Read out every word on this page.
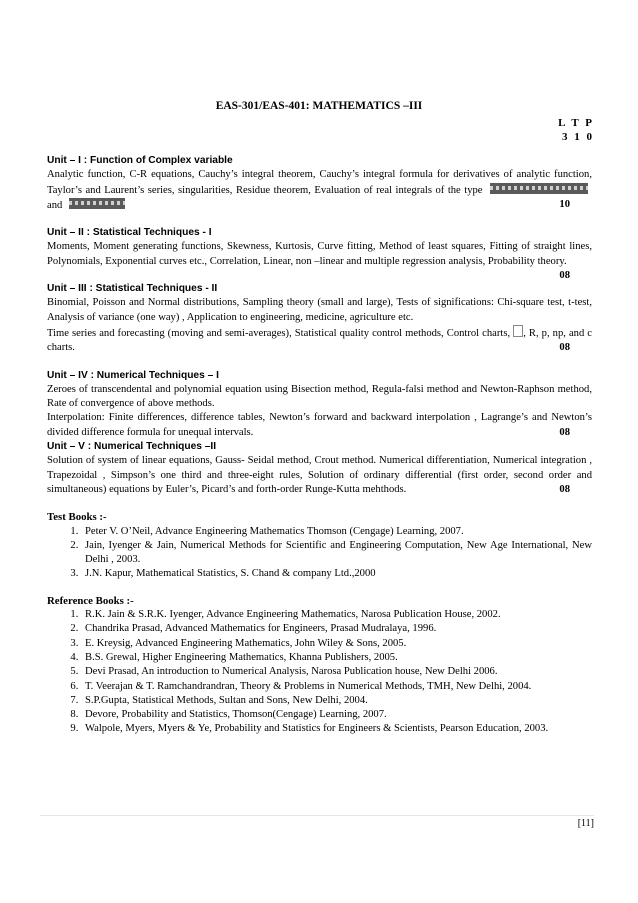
EAS-301/EAS-401: MATHEMATICS –III
L T P
3 1 0
Unit – I : Function of Complex variable
Analytic function, C-R equations, Cauchy’s integral theorem, Cauchy’s integral formula for derivatives of analytic function, Taylor’s and Laurent’s series, singularities, Residue theorem, Evaluation of real integrals of the type  and	10
Unit – II : Statistical Techniques - I
Moments, Moment generating functions, Skewness, Kurtosis, Curve fitting, Method of least squares, Fitting of straight lines, Polynomials, Exponential curves etc., Correlation, Linear, non –linear and multiple regression analysis, Probability theory.
08
Unit – III : Statistical Techniques - II
Binomial, Poisson and Normal distributions, Sampling theory (small and large), Tests of significations: Chi-square test, t-test, Analysis of variance (one way) , Application to engineering, medicine, agriculture etc.
Time series and forecasting (moving and semi-averages), Statistical quality control methods, Control charts, , R, p, np, and c charts.	08
Unit – IV : Numerical Techniques – I
Zeroes of transcendental and polynomial equation using Bisection method, Regula-falsi method and Newton-Raphson method, Rate of convergence of above methods.
Interpolation: Finite differences, difference tables, Newton’s forward and backward interpolation , Lagrange’s and Newton’s divided difference formula for unequal intervals.	08
Unit – V : Numerical Techniques –II
Solution of system of linear equations, Gauss- Seidal method, Crout method. Numerical differentiation, Numerical integration , Trapezoidal , Simpson’s one third and three-eight rules, Solution of ordinary differential (first order, second order and simultaneous) equations by Euler’s, Picard’s and forth-order Runge-Kutta mehthods.	08
Test Books :-
1. Peter V. O’Neil, Advance Engineering Mathematics Thomson (Cengage) Learning, 2007.
2. Jain, Iyenger & Jain, Numerical Methods for Scientific and Engineering Computation, New Age International, New Delhi , 2003.
3. J.N. Kapur, Mathematical Statistics, S. Chand & company Ltd.,2000
Reference Books :-
1. R.K. Jain & S.R.K. Iyenger, Advance Engineering Mathematics, Narosa Publication House, 2002.
2. Chandrika Prasad, Advanced Mathematics for Engineers, Prasad Mudralaya, 1996.
3. E. Kreysig, Advanced Engineering Mathematics, John Wiley & Sons, 2005.
4. B.S. Grewal, Higher Engineering Mathematics, Khanna Publishers, 2005.
5. Devi Prasad, An introduction to Numerical Analysis, Narosa Publication house, New Delhi 2006.
6. T. Veerajan & T. Ramchandrandran, Theory & Problems in Numerical Methods, TMH, New Delhi, 2004.
7. S.P.Gupta, Statistical Methods, Sultan and Sons, New Delhi, 2004.
8. Devore, Probability and Statistics, Thomson(Cengage) Learning, 2007.
9. Walpole, Myers, Myers & Ye, Probability and Statistics for Engineers & Scientists, Pearson Education, 2003.
[11]
